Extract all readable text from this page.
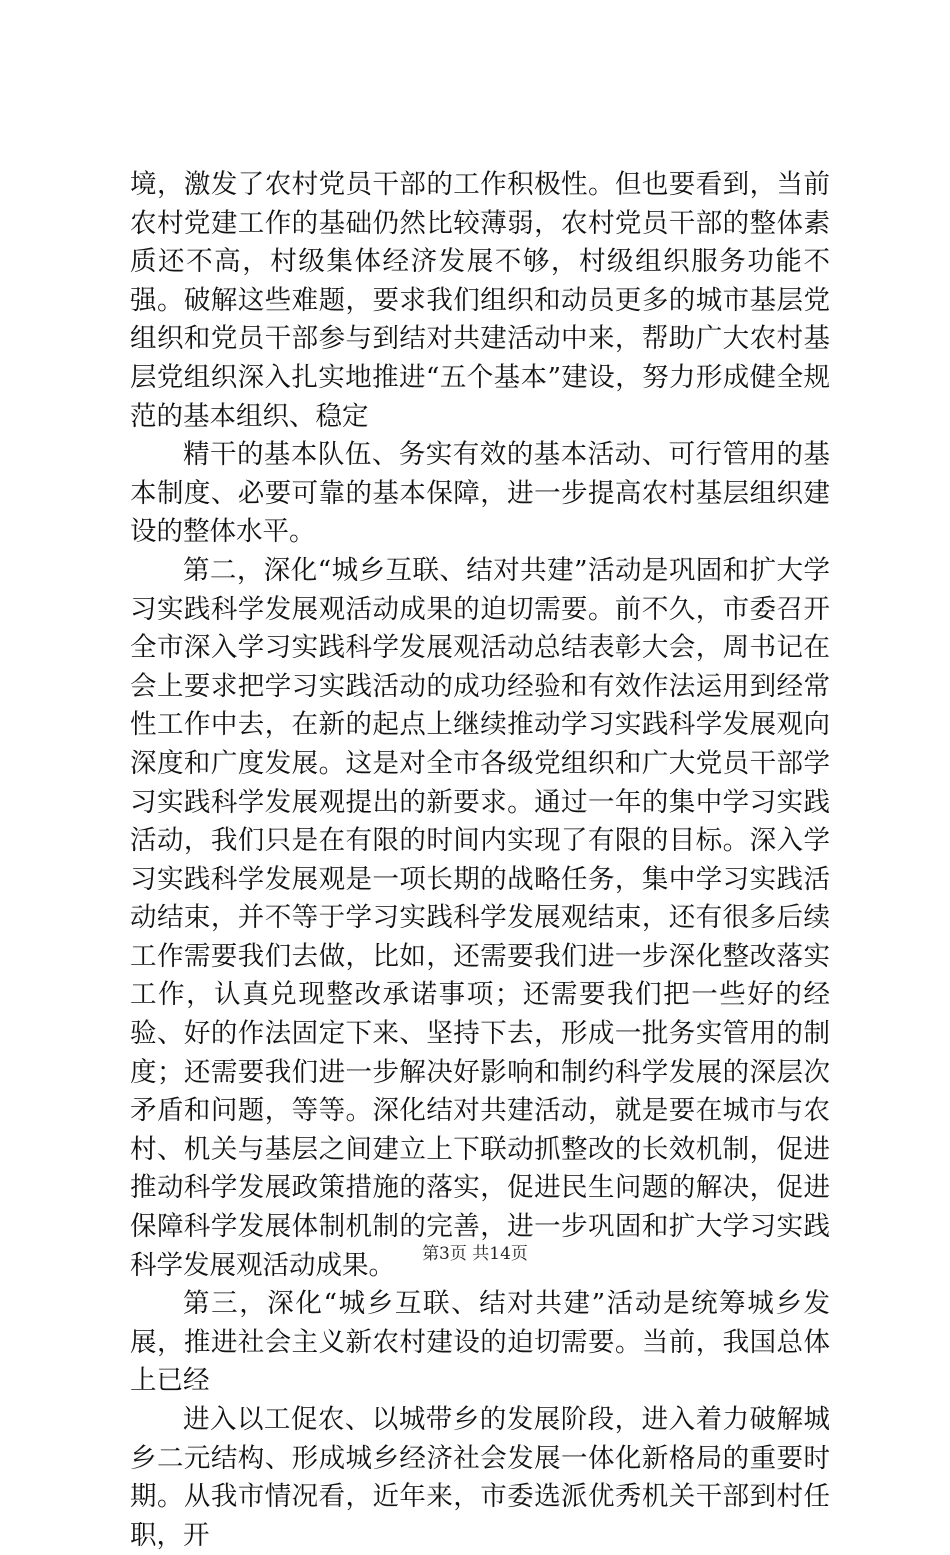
境，激发了农村党员干部的工作积极性。但也要看到，当前农村党建工作的基础仍然比较薄弱，农村党员干部的整体素质还不高，村级集体经济发展不够，村级组织服务功能不强。破解这些难题，要求我们组织和动员更多的城市基层党组织和党员干部参与到结对共建活动中来，帮助广大农村基层党组织深入扎实地推进“五个基本”建设，努力形成健全规范的基本组织、稳定

精干的基本队伍、务实有效的基本活动、可行管用的基本制度、必要可靠的基本保障，进一步提高农村基层组织建设的整体水平。

第二，深化“城乡互联、结对共建”活动是巩固和扩大学习实践科学发展观活动成果的迫切需要。前不久，市委召开全市深入学习实践科学发展观活动总结表彰大会，周书记在会上要求把学习实践活动的成功经验和有效作法运用到经常性工作中去，在新的起点上继续推动学习实践科学发展观向深度和广度发展。这是对全市各级党组织和广大党员干部学习实践科学发展观提出的新要求。通过一年的集中学习实践活动，我们只是在有限的时间内实现了有限的目标。深入学习实践科学发展观是一项长期的战略任务，集中学习实践活动结束，并不等于学习实践科学发展观结束，还有很多后续工作需要我们去做，比如，还需要我们进一步深化整改落实工作，认真兑现整改承诺事项；还需要我们把一些好的经验、好的作法固定下来、坚持下去，形成一批务实管用的制度；还需要我们进一步解决好影响和制约科学发展的深层次矛盾和问题，等等。深化结对共建活动，就是要在城市与农村、机关与基层之间建立上下联动抓整改的长效机制，促进推动科学发展政策措施的落实，促进民生问题的解决，促进保障科学发展体制机制的完善，进一步巩固和扩大学习实践科学发展观活动成果。

第三，深化“城乡互联、结对共建”活动是统筹城乡发展，推进社会主义新农村建设的迫切需要。当前，我国总体上已经

进入以工促农、以城带乡的发展阶段，进入着力破解城乡二元结构、形成城乡经济社会发展一体化新格局的重要时期。从我市情况看，近年来，市委选派优秀机关干部到村任职，开

第3页 共14页
